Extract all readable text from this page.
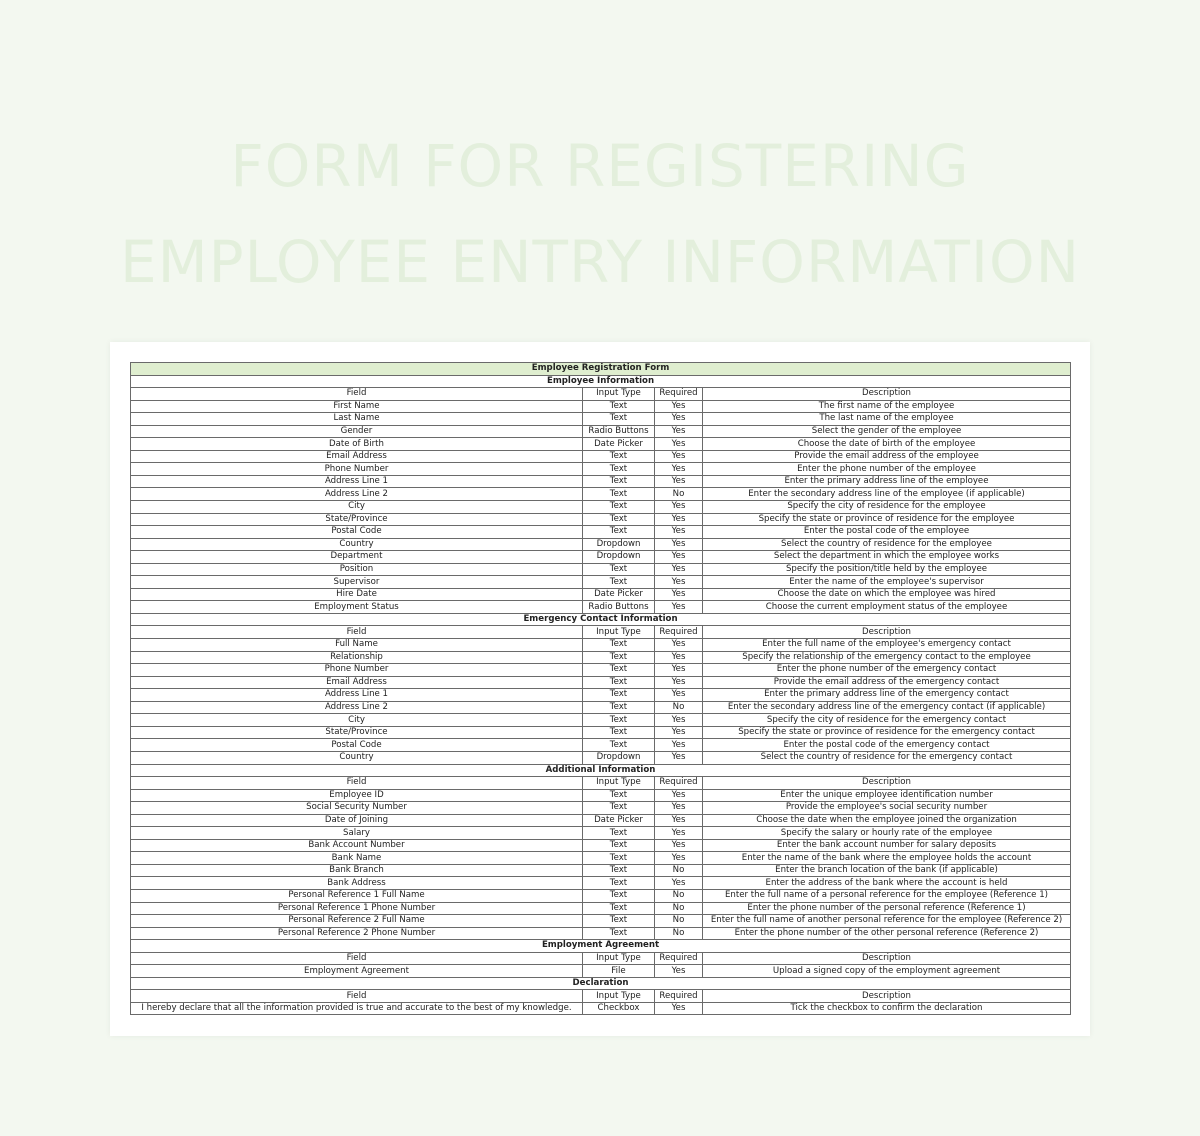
FORM FOR REGISTERING
EMPLOYEE ENTRY INFORMATION
Employee Registration Form			
Employee Information			
Field	Input Type	Required	Description
First Name	Text	Yes	The first name of the employee
Last Name	Text	Yes	The last name of the employee
Gender	Radio Buttons	Yes	Select the gender of the employee
Date of Birth	Date Picker	Yes	Choose the date of birth of the employee
Email Address	Text	Yes	Provide the email address of the employee
Phone Number	Text	Yes	Enter the phone number of the employee
Address Line 1	Text	Yes	Enter the primary address line of the employee
Address Line 2	Text	No	Enter the secondary address line of the employee (if applicable)
City	Text	Yes	Specify the city of residence for the employee
State/Province	Text	Yes	Specify the state or province of residence for the employee
Postal Code	Text	Yes	Enter the postal code of the employee
Country	Dropdown	Yes	Select the country of residence for the employee
Department	Dropdown	Yes	Select the department in which the employee works
Position	Text	Yes	Specify the position/title held by the employee
Supervisor	Text	Yes	Enter the name of the employee's supervisor
Hire Date	Date Picker	Yes	Choose the date on which the employee was hired
Employment Status	Radio Buttons	Yes	Choose the current employment status of the employee
Emergency Contact Information			
Field	Input Type	Required	Description
Full Name	Text	Yes	Enter the full name of the employee's emergency contact
Relationship	Text	Yes	Specify the relationship of the emergency contact to the employee
Phone Number	Text	Yes	Enter the phone number of the emergency contact
Email Address	Text	Yes	Provide the email address of the emergency contact
Address Line 1	Text	Yes	Enter the primary address line of the emergency contact
Address Line 2	Text	No	Enter the secondary address line of the emergency contact (if applicable)
City	Text	Yes	Specify the city of residence for the emergency contact
State/Province	Text	Yes	Specify the state or province of residence for the emergency contact
Postal Code	Text	Yes	Enter the postal code of the emergency contact
Country	Dropdown	Yes	Select the country of residence for the emergency contact
Additional Information			
Field	Input Type	Required	Description
Employee ID	Text	Yes	Enter the unique employee identification number
Social Security Number	Text	Yes	Provide the employee's social security number
Date of Joining	Date Picker	Yes	Choose the date when the employee joined the organization
Salary	Text	Yes	Specify the salary or hourly rate of the employee
Bank Account Number	Text	Yes	Enter the bank account number for salary deposits
Bank Name	Text	Yes	Enter the name of the bank where the employee holds the account
Bank Branch	Text	No	Enter the branch location of the bank (if applicable)
Bank Address	Text	Yes	Enter the address of the bank where the account is held
Personal Reference 1 Full Name	Text	No	Enter the full name of a personal reference for the employee (Reference 1)
Personal Reference 1 Phone Number	Text	No	Enter the phone number of the personal reference (Reference 1)
Personal Reference 2 Full Name	Text	No	Enter the full name of another personal reference for the employee (Reference 2)
Personal Reference 2 Phone Number	Text	No	Enter the phone number of the other personal reference (Reference 2)
Employment Agreement			
Field	Input Type	Required	Description
Employment Agreement	File	Yes	Upload a signed copy of the employment agreement
Declaration			
Field	Input Type	Required	Description
I hereby declare that all the information provided is true and accurate to the best of my knowledge.	Checkbox	Yes	Tick the checkbox to confirm the declaration
